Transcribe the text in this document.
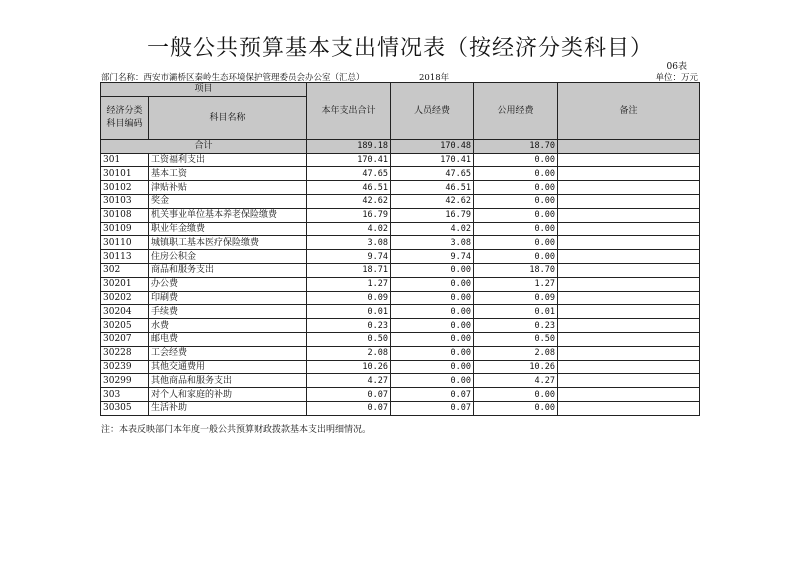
一般公共预算基本支出情况表（按经济分类科目）
06表
部门名称：西安市灞桥区秦岭生态环境保护管理委员会办公室（汇总）	2018年	单位：万元
项目		本年支出合计	人员经费	公用经费	备注
经济分类科目编码	科目名称				
合计		189.18	170.48	18.70	
301	工资福利支出	170.41	170.41	0.00	
30101	基本工资	47.65	47.65	0.00	
30102	津贴补贴	46.51	46.51	0.00	
30103	奖金	42.62	42.62	0.00	
30108	机关事业单位基本养老保险缴费	16.79	16.79	0.00	
30109	职业年金缴费	4.02	4.02	0.00	
30110	城镇职工基本医疗保险缴费	3.08	3.08	0.00	
30113	住房公积金	9.74	9.74	0.00	
302	商品和服务支出	18.71	0.00	18.70	
30201	办公费	1.27	0.00	1.27	
30202	印刷费	0.09	0.00	0.09	
30204	手续费	0.01	0.00	0.01	
30205	水费	0.23	0.00	0.23	
30207	邮电费	0.50	0.00	0.50	
30228	工会经费	2.08	0.00	2.08	
30239	其他交通费用	10.26	0.00	10.26	
30299	其他商品和服务支出	4.27	0.00	4.27	
303	对个人和家庭的补助	0.07	0.07	0.00	
30305	生活补助	0.07	0.07	0.00	
注：本表反映部门本年度一般公共预算财政拨款基本支出明细情况。
